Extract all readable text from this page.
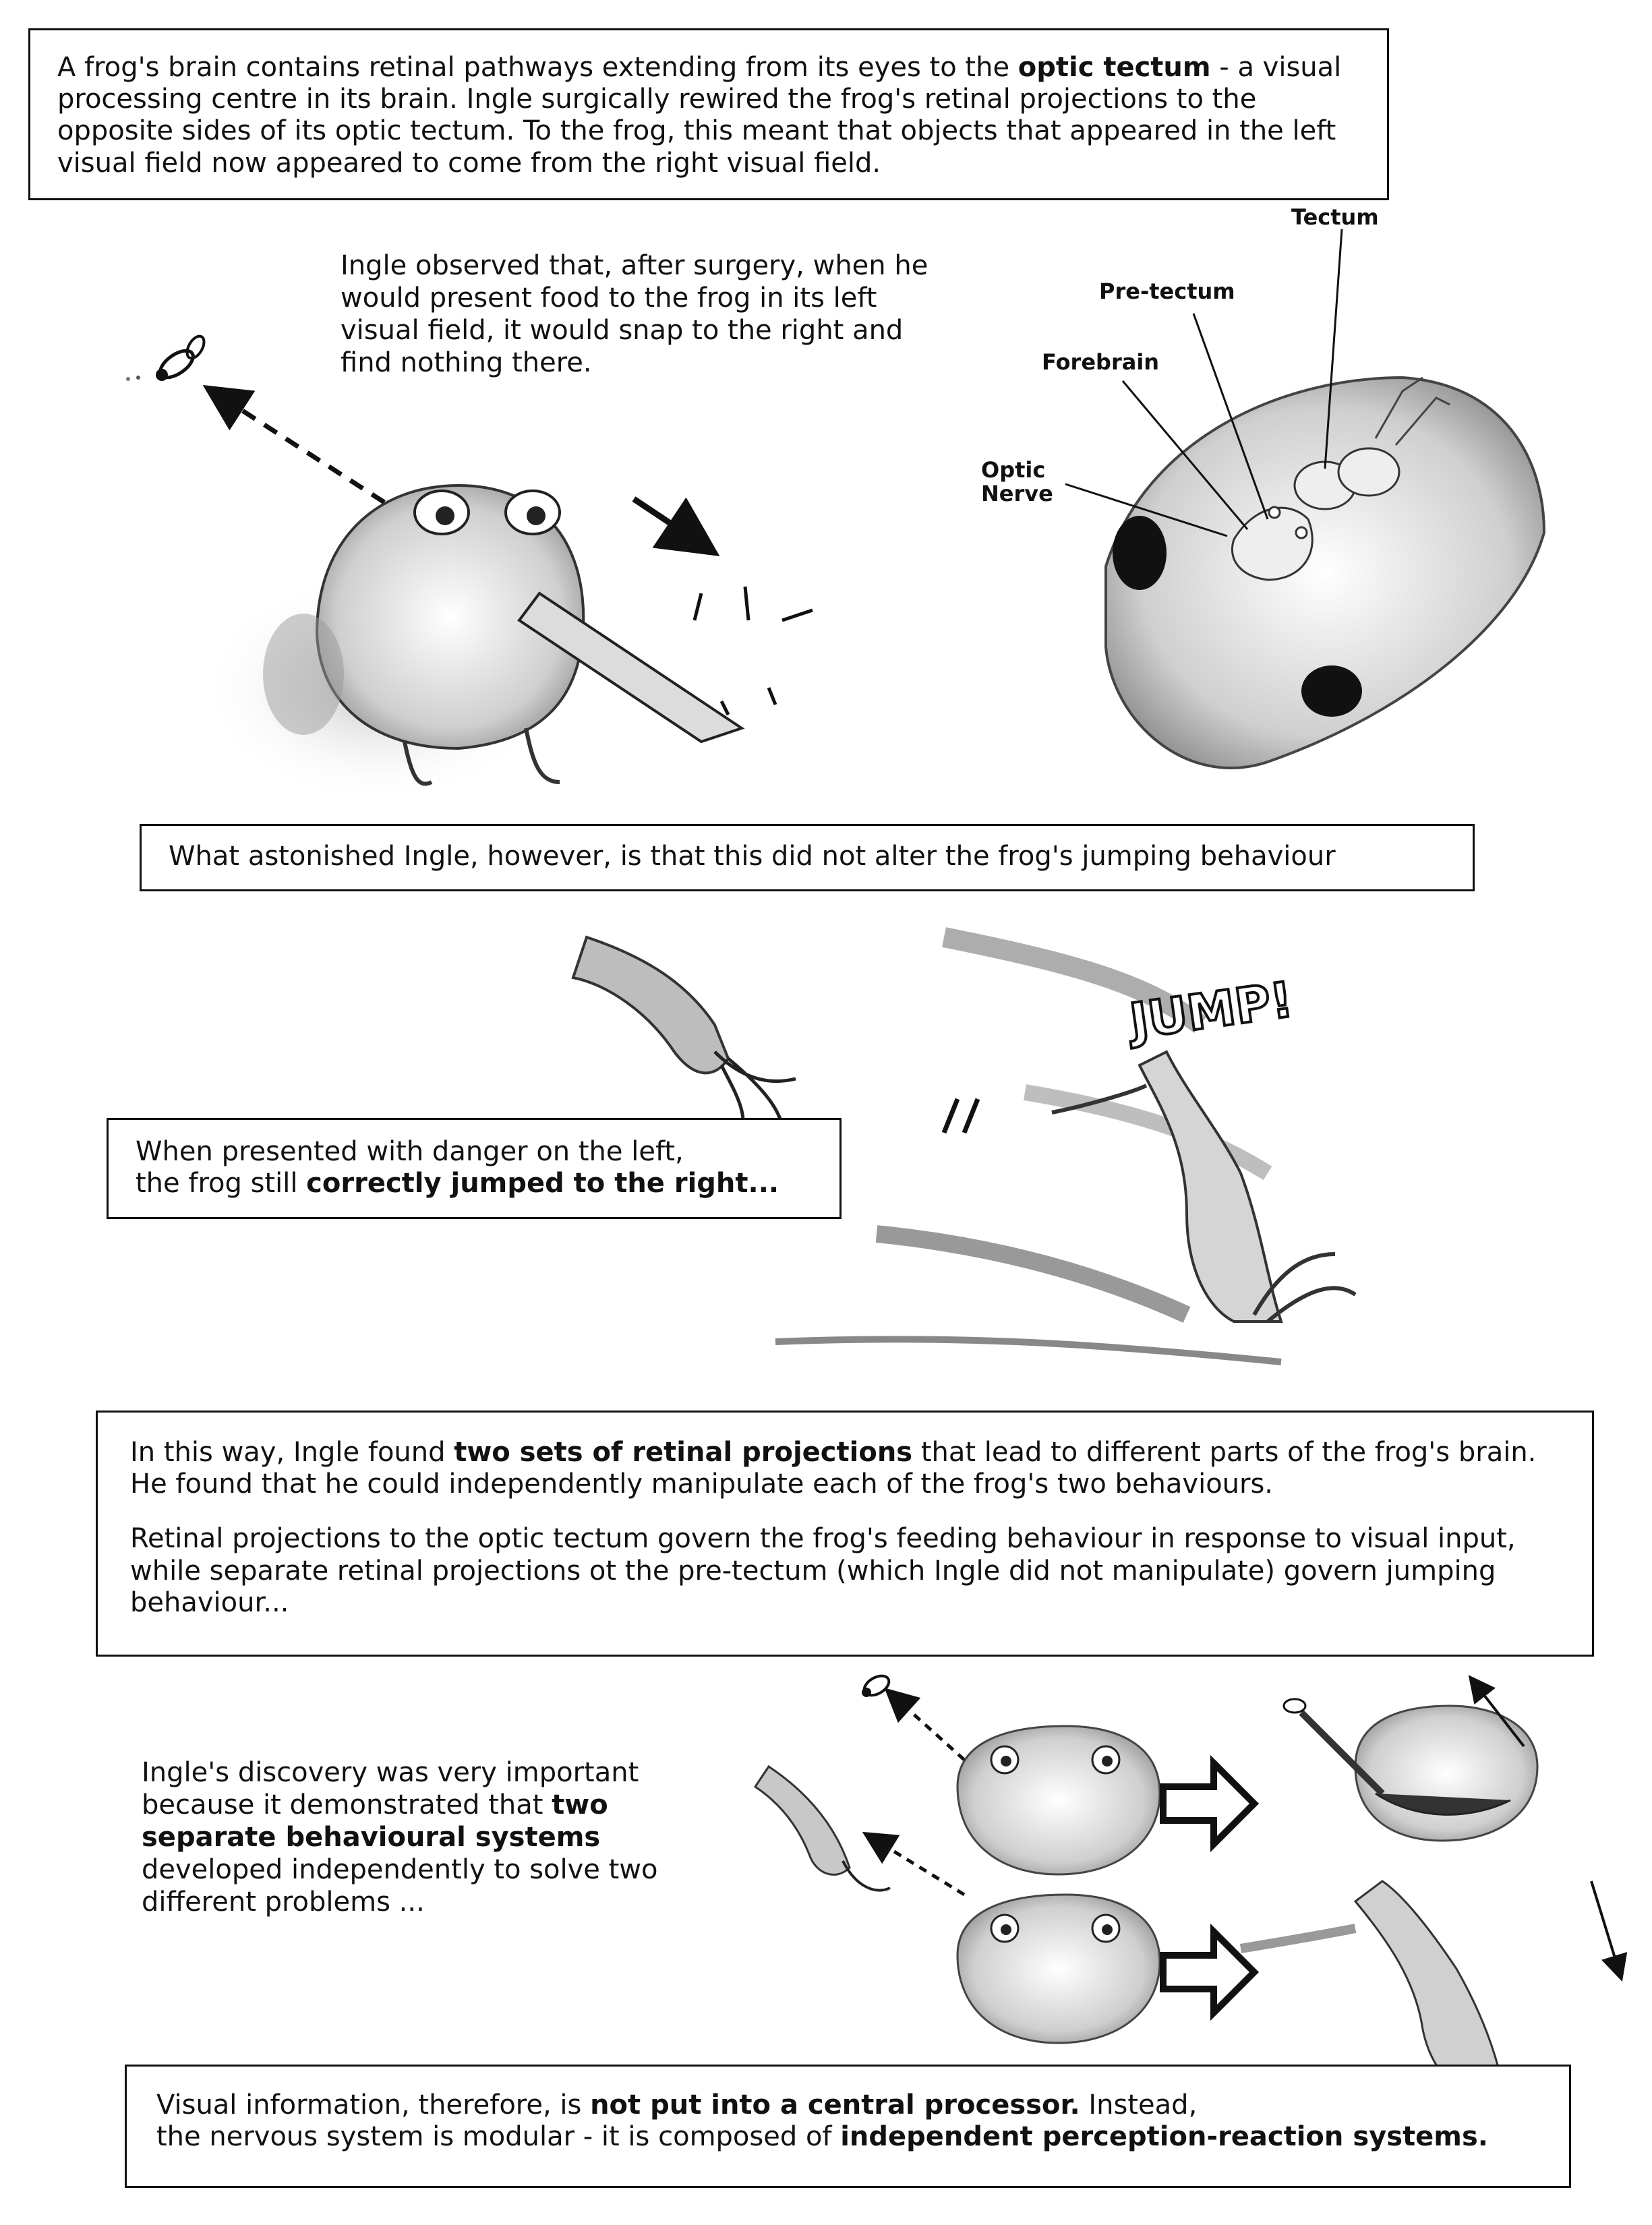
JUMP!

A frog's brain contains retinal pathways extending from its eyes to the optic tectum - a visual processing centre in its brain. Ingle surgically rewired the frog's retinal projections to the opposite sides of its optic tectum. To the frog, this meant that objects that appeared in the left visual field now appeared to come from the right visual field.

Ingle observed that, after surgery, when he would present food to the frog in its left visual field, it would snap to the right and find nothing there.
Tectum
Pre-tectum
Forebrain
Optic
Nerve

What astonished Ingle, however, is that this did not alter the frog's jumping behaviour

When presented with danger on the left,

the frog still correctly jumped to the right...

In this way, Ingle found two sets of retinal projections that lead to different parts of the frog's brain. He found that he could independently manipulate each of the frog's two behaviours.

Retinal projections to the optic tectum govern the frog's feeding behaviour in response to visual input, while separate retinal projections ot the pre-tectum (which Ingle did not manipulate) govern jumping behaviour...

Ingle's discovery was very important because it demonstrated that two separate behavioural systems developed independently to solve two different problems ...

Visual information, therefore, is not put into a central processor. Instead,

the nervous system is modular - it is composed of independent perception-reaction systems.
